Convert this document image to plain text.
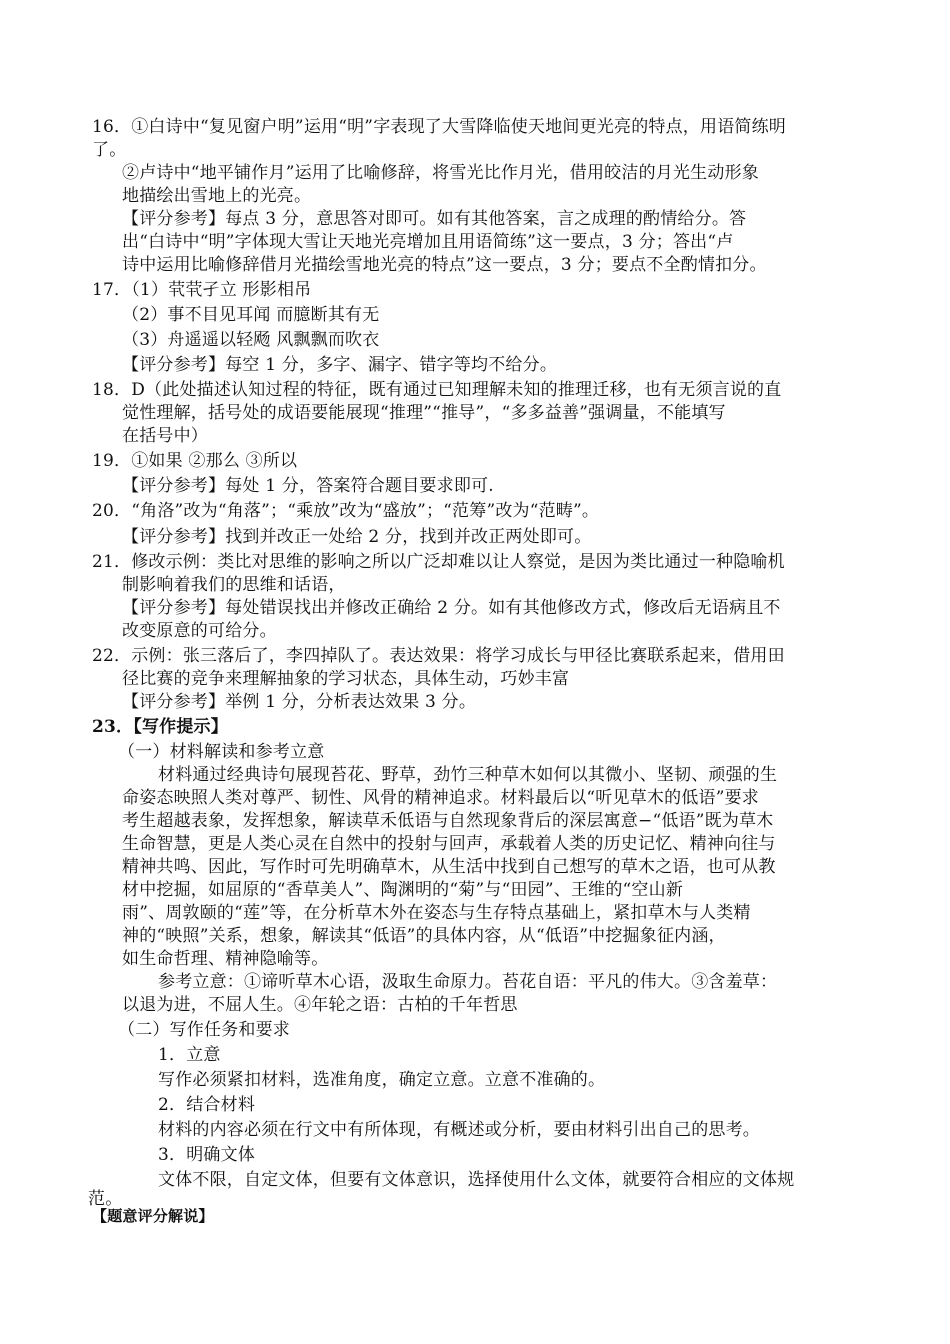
16．①白诗中“复见窗户明”运用“明”字表现了大雪降临使天地间更光亮的特点，用语简练明
了。
②卢诗中“地平铺作月”运用了比喻修辞，将雪光比作月光，借用皎洁的月光生动形象
地描绘出雪地上的光亮。
【评分参考】每点 3 分，意思答对即可。如有其他答案，言之成理的酌情给分。答
出“白诗中“明”字体现大雪让天地光亮增加且用语简练”这一要点，3 分；答出“卢
诗中运用比喻修辞借月光描绘雪地光亮的特点”这一要点，3 分；要点不全酌情扣分。
17．（1）茕茕孑立 形影相吊
（2）事不目见耳闻 而臆断其有无
（3）舟遥遥以轻飏 风飘飘而吹衣
【评分参考】每空 1 分，多字、漏字、错字等均不给分。
18．D（此处描述认知过程的特征，既有通过已知理解未知的推理迁移，也有无须言说的直
觉性理解，括号处的成语要能展现“推理”“推导”，“多多益善”强调量，不能填写
在括号中）
19．①如果 ②那么 ③所以
【评分参考】每处 1 分，答案符合题目要求即可.
20．“角洛”改为“角落”；“乘放”改为“盛放”；“范筹”改为“范畴”。
【评分参考】找到并改正一处给 2 分，找到并改正两处即可。
21．修改示例：类比对思维的影响之所以广泛却难以让人察觉，是因为类比通过一种隐喻机
制影响着我们的思维和话语，
【评分参考】每处错误找出并修改正确给 2 分。如有其他修改方式，修改后无语病且不
改变原意的可给分。
22．示例：张三落后了，李四掉队了。表达效果：将学习成长与甲径比赛联系起来，借用田
径比赛的竞争来理解抽象的学习状态，具体生动，巧妙丰富
【评分参考】举例 1 分，分析表达效果 3 分。
23．【写作提示】
（一）材料解读和参考立意
材料通过经典诗句展现苔花、野草，劲竹三种草木如何以其微小、坚韧、顽强的生
命姿态映照人类对尊严、韧性、风骨的精神追求。材料最后以“听见草木的低语”要求
考生超越表象，发挥想象，解读草禾低语与自然现象背后的深层寓意−“低语”既为草木
生命智慧，更是人类心灵在自然中的投射与回声，承载着人类的历史记忆、精神向往与
精神共鸣、因此，写作时可先明确草木，从生活中找到自己想写的草木之语，也可从教
材中挖掘，如屈原的“香草美人”、陶渊明的“菊”与“田园”、王维的“空山新
雨”、周敦颐的“莲”等，在分析草木外在姿态与生存特点基础上，紧扣草木与人类精
神的“映照”关系，想象，解读其“低语”的具体内容，从“低语”中挖掘象征内涵，
如生命哲理、精神隐喻等。
参考立意：①谛听草木心语，汲取生命原力。苔花自语：平凡的伟大。③含羞草：
以退为进，不屈人生。④年轮之语：古柏的千年哲思
（二）写作任务和要求
1．立意
写作必须紧扣材料，选准角度，确定立意。立意不准确的。
2．结合材料
材料的内容必须在行文中有所体现，有概述或分析，要由材料引出自己的思考。
3．明确文体
文体不限，自定文体，但要有文体意识，选择使用什么文体，就要符合相应的文体规
范。
【题意评分解说】
